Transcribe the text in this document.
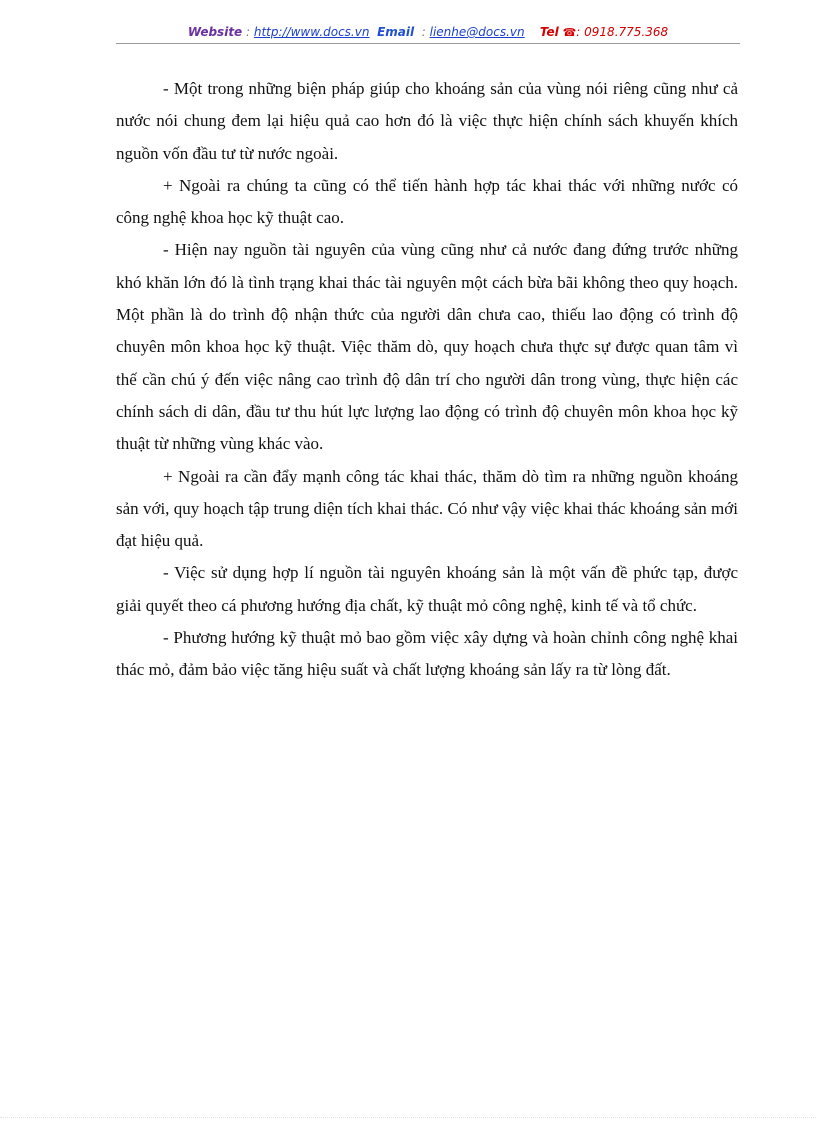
Website : http://www.docs.vn Email  : lienhe@docs.vn Tel ☎: 0918.775.368

- Một trong những biện pháp giúp cho khoáng sản của vùng nói riêng cũng như cả nước nói chung đem lại hiệu quả cao hơn đó là việc thực hiện chính sách khuyến khích nguồn vốn đầu tư từ nước ngoài.

+ Ngoài ra chúng ta cũng có thể tiến hành hợp tác khai thác với những nước có công nghệ khoa học kỹ thuật cao.

- Hiện nay nguồn tài nguyên của vùng cũng như cả nước đang đứng trước những khó khăn lớn đó là tình trạng khai thác tài nguyên một cách bừa bãi không theo quy hoạch. Một phần là do trình độ nhận thức của người dân chưa cao, thiếu lao động có trình độ chuyên môn khoa học kỹ thuật. Việc thăm dò, quy hoạch chưa thực sự được quan tâm vì thế cần chú ý đến việc nâng cao trình độ dân trí cho người dân trong vùng, thực hiện các chính sách di dân, đầu tư thu hút lực lượng lao động có trình độ chuyên môn khoa học kỹ thuật từ những vùng khác vào.

+ Ngoài ra cần đẩy mạnh công tác khai thác, thăm dò tìm ra những nguồn khoáng sản với, quy hoạch tập trung diện tích khai thác. Có như vậy việc khai thác khoáng sản mới đạt hiệu quả.

- Việc sử dụng hợp lí nguồn tài nguyên khoáng sản là một vấn đề phức tạp, được giải quyết theo cá phương hướng địa chất, kỹ thuật mỏ công nghệ, kinh tế và tổ chức.

- Phương hướng kỹ thuật mỏ bao gồm việc xây dựng và hoàn chỉnh công nghệ khai thác mỏ, đảm bảo việc tăng hiệu suất và chất lượng khoáng sản lấy ra từ lòng đất.
